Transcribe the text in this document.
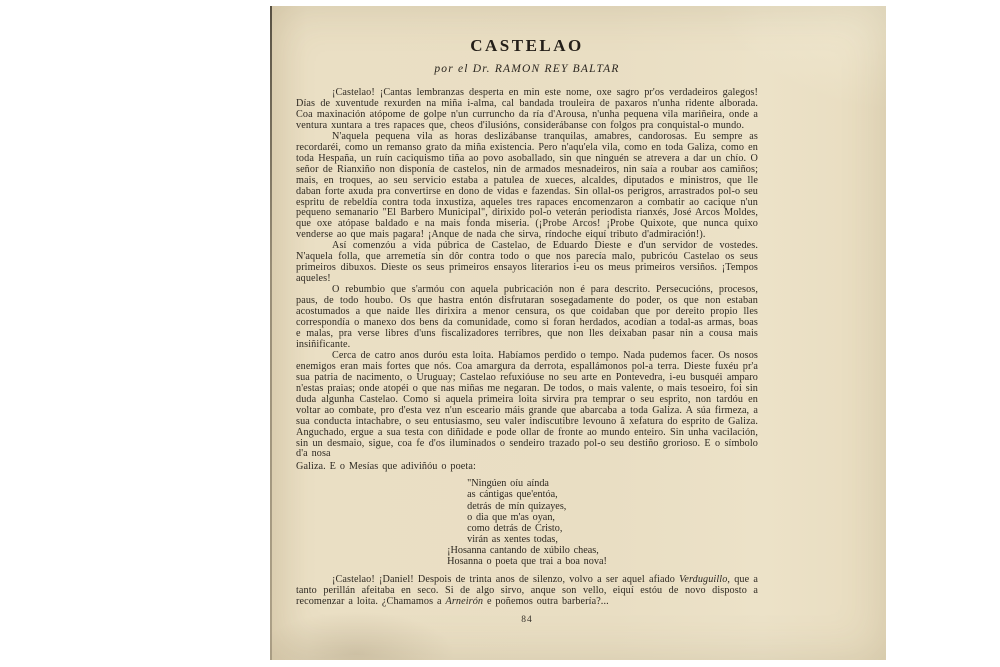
CASTELAO
por el Dr. RAMON REY BALTAR

¡Castelao! ¡Cantas lembranzas desperta en min este nome, oxe sagro pr'os verdadeiros galegos! Días de xuventude rexurden na miña i-alma, cal bandada trouleira de paxaros n'unha ridente alborada. Coa maxinación atópome de golpe n'un curruncho da ría d'Arousa, n'unha pequena vila mariñeira, onde a ventura xuntara a tres rapaces que, cheos d'ilusións, considerábanse con folgos pra conquistal-o mundo.

N'aquela pequena vila as horas deslizábanse tranquilas, amabres, candorosas. Eu sempre as recordaréi, como un remanso grato da miña existencia. Pero n'aqu'ela vila, como en toda Galiza, como en toda Hespaña, un ruín caciquismo tiña ao povo asoballado, sin que ninguén se atrevera a dar un chío. O señor de Rianxiño non disponía de castelos, nin de armados mesnadeiros, nin saía a roubar aos camiños; mais, en troques, ao seu servicio estaba a patulea de xueces, alcaldes, diputados e ministros, que lle daban forte axuda pra convertirse en dono de vidas e fazendas. Sin ollal-os perigros, arrastrados pol-o seu espritu de rebeldía contra toda inxustiza, aqueles tres rapaces encomenzaron a combatir ao cacique n'un pequeno semanario "El Barbero Municipal", dirixido pol-o veterán periodista rianxés, José Arcos Moldes, que oxe atópase baldado e na mais fonda miseria. (¡Probe Arcos! ¡Probe Quixote, que nunca quixo venderse ao que mais pagara! ¡Anque de nada che sirva, ríndoche eiquí tributo d'admiración!).

Así comenzóu a vida púbrica de Castelao, de Eduardo Dieste e d'un servidor de vostedes. N'aquela folla, que arremetía sin dôr contra todo o que nos parecía malo, pubricóu Castelao os seus primeiros dibuxos. Dieste os seus primeiros ensayos literarios i-eu os meus primeiros versiños. ¡Tempos aqueles!

O rebumbio que s'armóu con aquela pubricación non é para descrito. Persecucións, procesos, paus, de todo houbo. Os que hastra entón disfrutaran sosegadamente do poder, os que non estaban acostumados a que naide lles dirixira a menor censura, os que coidaban que por dereito propio lles correspondía o manexo dos bens da comunidade, como si foran herdados, acodían a todal-as armas, boas e malas, pra verse libres d'uns fiscalizadores terribres, que non lles deixaban pasar nin a cousa mais insiñificante.

Cerca de catro anos duróu esta loita. Habíamos perdido o tempo. Nada pudemos facer. Os nosos enemigos eran mais fortes que nós. Coa amargura da derrota, espallámonos pol-a terra. Dieste fuxéu pr'a sua patria de nacimento, o Uruguay; Castelao refuxióuse no seu arte en Pontevedra, i-eu busquéi amparo n'estas praias; onde atopéi o que nas miñas me negaran. De todos, o mais valente, o mais tesoeiro, foi sin duda algunha Castelao. Como si aquela primeira loita sirvira pra temprar o seu esprito, non tardóu en voltar ao combate, pro d'esta vez n'un esceario máis grande que abarcaba a toda Galiza. A súa firmeza, a sua conducta intachabre, o seu entusiasmo, seu valer indiscutibre levouno â xefatura do esprito de Galiza. Anguchado, ergue a sua testa con diñidade e pode ollar de fronte ao mundo enteiro. Sin unha vacilación, sin un desmaio, sigue, coa fe d'os iluminados o sendeiro trazado pol-o seu destiño grorioso. E o símbolo d'a nosa

Galiza. E o Mesías que adiviñóu o poeta:

"Ningúen oíu aínda
as cántigas que'entóa,
detrás de mín quizayes,
o dia que m'as oyan,
como detrás de Cristo,
virán as xentes todas,
¡Hosanna cantando de xúbilo cheas,
Hosanna o poeta que trai a boa nova!

¡Castelao! ¡Daniel! Despois de trinta anos de silenzo, volvo a ser aquel afiado Verduguillo, que a tanto perillán afeitaba en seco. Si de algo sirvo, anque son vello, eiquí estóu de novo disposto a recomenzar a loita. ¿Chamamos a Arneirón e poñemos outra barbería?...

84
